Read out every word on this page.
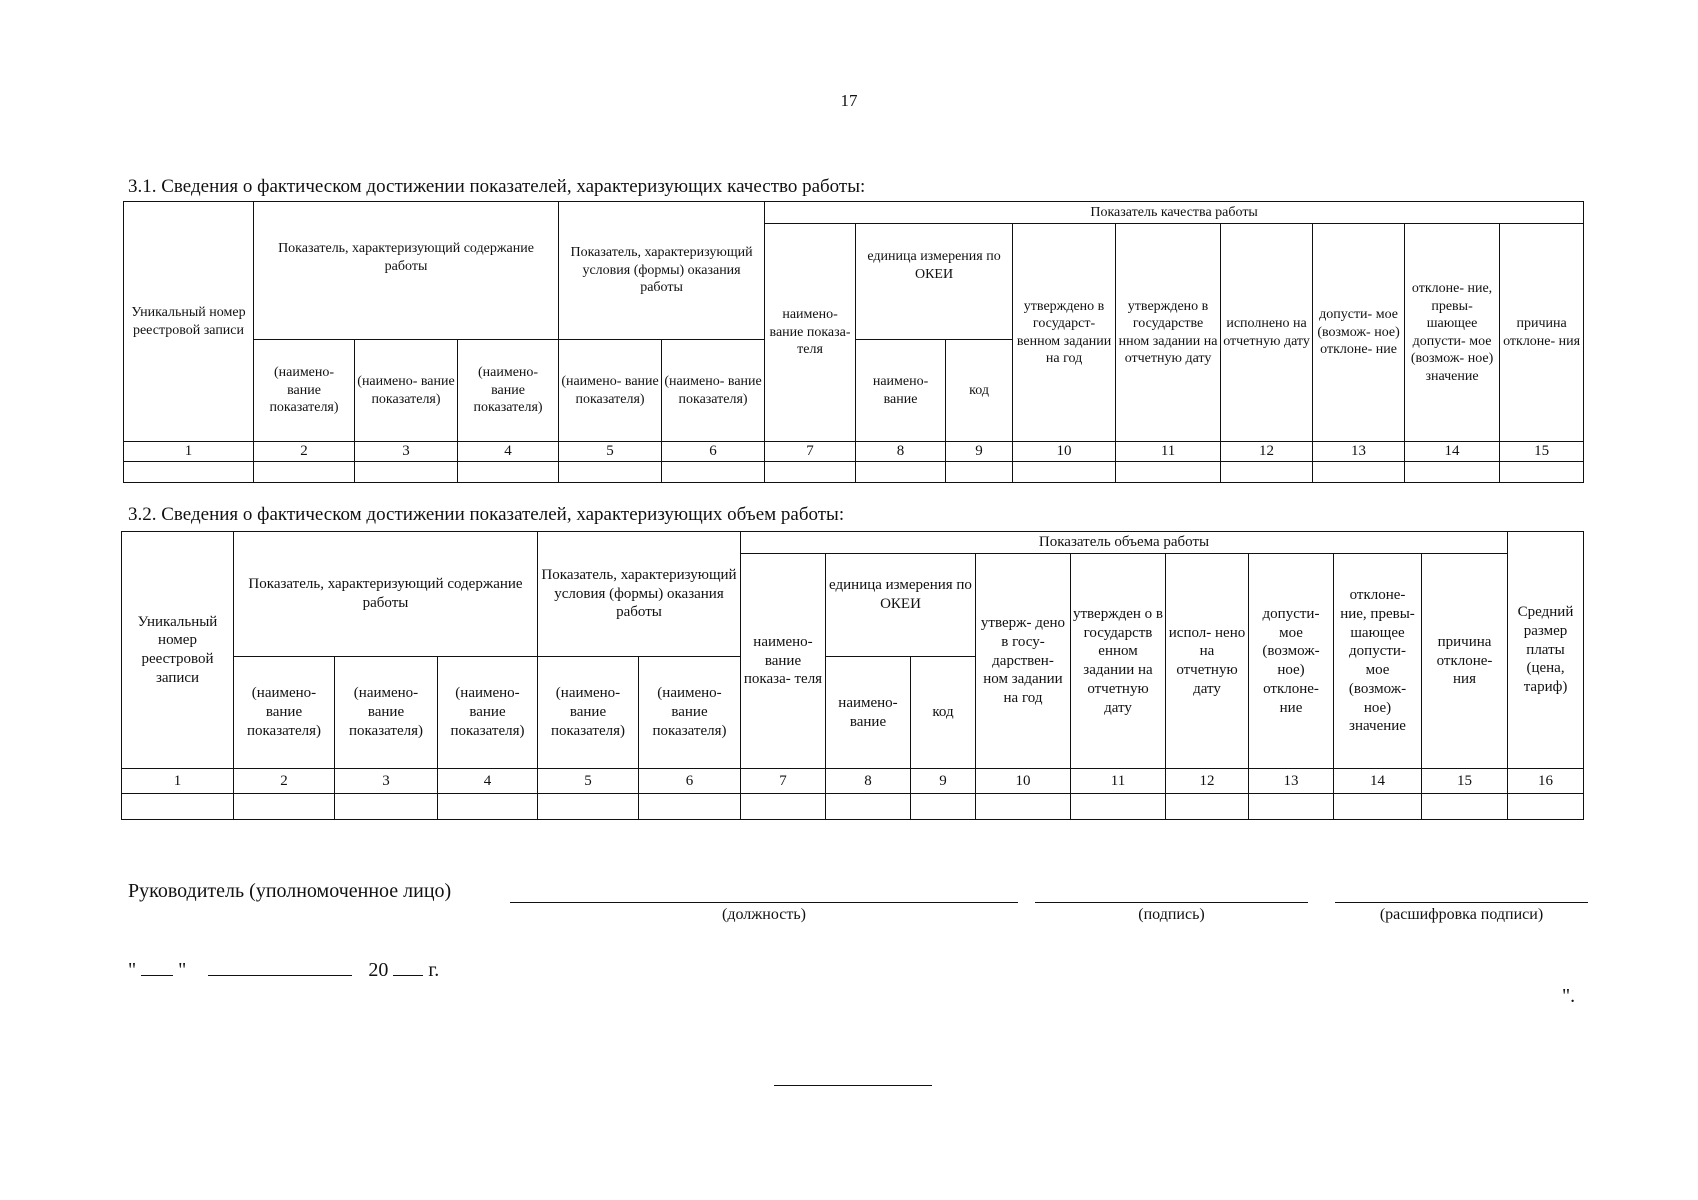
17
3.1. Сведения о фактическом достижении показателей, характеризующих качество работы:
Уникальный номер реестровой записи	Показатель, характеризующий содержание работы			Показатель, характеризующий условия (формы) оказания работы		Показатель качества работы								
						наимено- вание показа- теля	единица измерения по ОКЕИ		утверждено в государст- венном задании на год	утверждено в государстве нном задании на отчетную дату	исполнено на отчетную дату	допусти- мое (возмож- ное) отклоне- ние	отклоне- ние, превы- шающее допусти- мое (возмож- ное) значение	причина отклоне- ния
	(наимено- вание показателя)	(наимено- вание показателя)	(наимено- вание показателя)	(наимено- вание показателя)	(наимено- вание показателя)		наимено- вание	код						
1	2	3	4	5	6	7	8	9	10	11	12	13	14	15

3.2. Сведения о фактическом достижении показателей, характеризующих объем работы:
Уникальный номер реестровой записи	Показатель, характеризующий содержание работы			Показатель, характеризующий условия (формы) оказания работы		Показатель объема работы									Средний размер платы (цена, тариф)
						наимено- вание показа- теля	единица измерения по ОКЕИ		утверж- дено в госу- дарствен- ном задании на год	утвержден о в государств енном задании на отчетную дату	испол- нено на отчетную дату	допусти- мое (возмож- ное) отклоне- ние	отклоне- ние, превы- шающее допусти- мое (возмож- ное) значение	причина отклоне- ния	
	(наимено- вание показателя)	(наимено- вание показателя)	(наимено- вание показателя)	(наимено- вание показателя)	(наимено- вание показателя)		наимено- вание	код							
1	2	3	4	5	6	7	8	9	10	11	12	13	14	15	16

Руководитель (уполномоченное лицо)
(должность)	(подпись)	(расшифровка подписи)
" "	20 г.
".
